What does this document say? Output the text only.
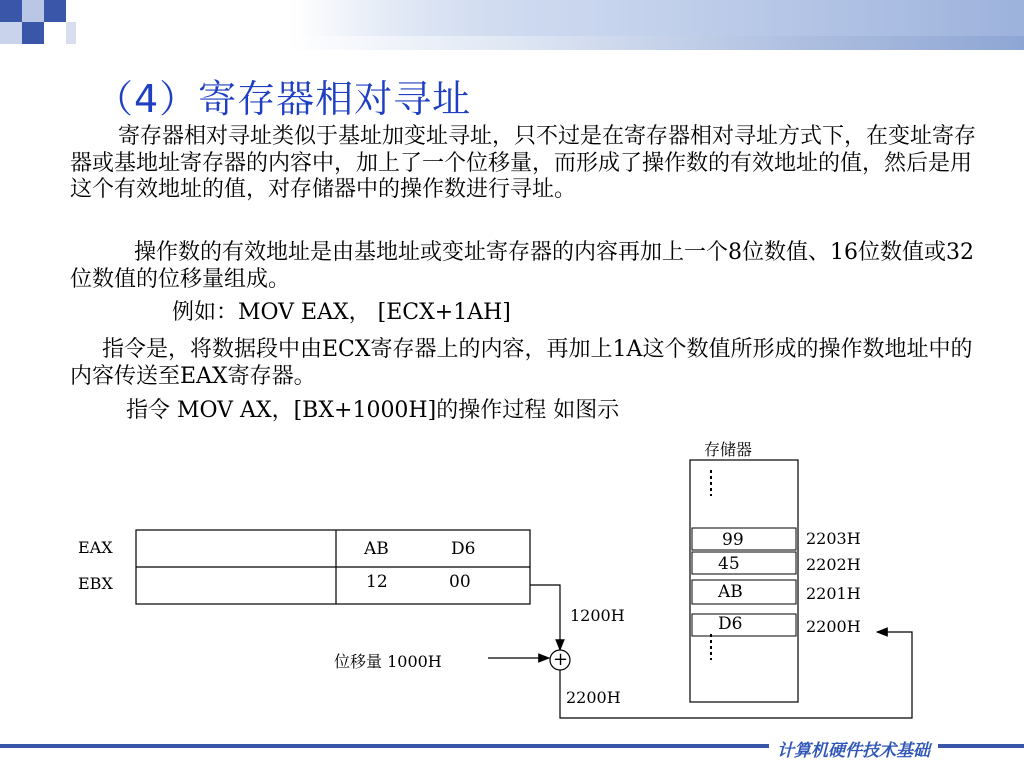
（4）寄存器相对寻址
寄存器相对寻址类似于基址加变址寻址，只不过是在寄存器相对寻址方式下，在变址寄存器或基地址寄存器的内容中，加上了一个位移量，而形成了操作数的有效地址的值，然后是用这个有效地址的值，对存储器中的操作数进行寻址。
操作数的有效地址是由基地址或变址寄存器的内容再加上一个8位数值、16位数值或32位数值的位移量组成。
例如：MOV EAX， [ECX+1AH]
指令是，将数据段中由ECX寄存器上的内容，再加上1A这个数值所形成的操作数地址中的内容传送至EAX寄存器。
指令 MOV AX，[BX+1000H]的操作过程 如图示
存储器
EAX
EBX
AB	D6
12	00
99
45
AB
D6
2203H
2202H
2201H
2200H
1200H
位移量 1000H	+
2200H
计算机硬件技术基础
